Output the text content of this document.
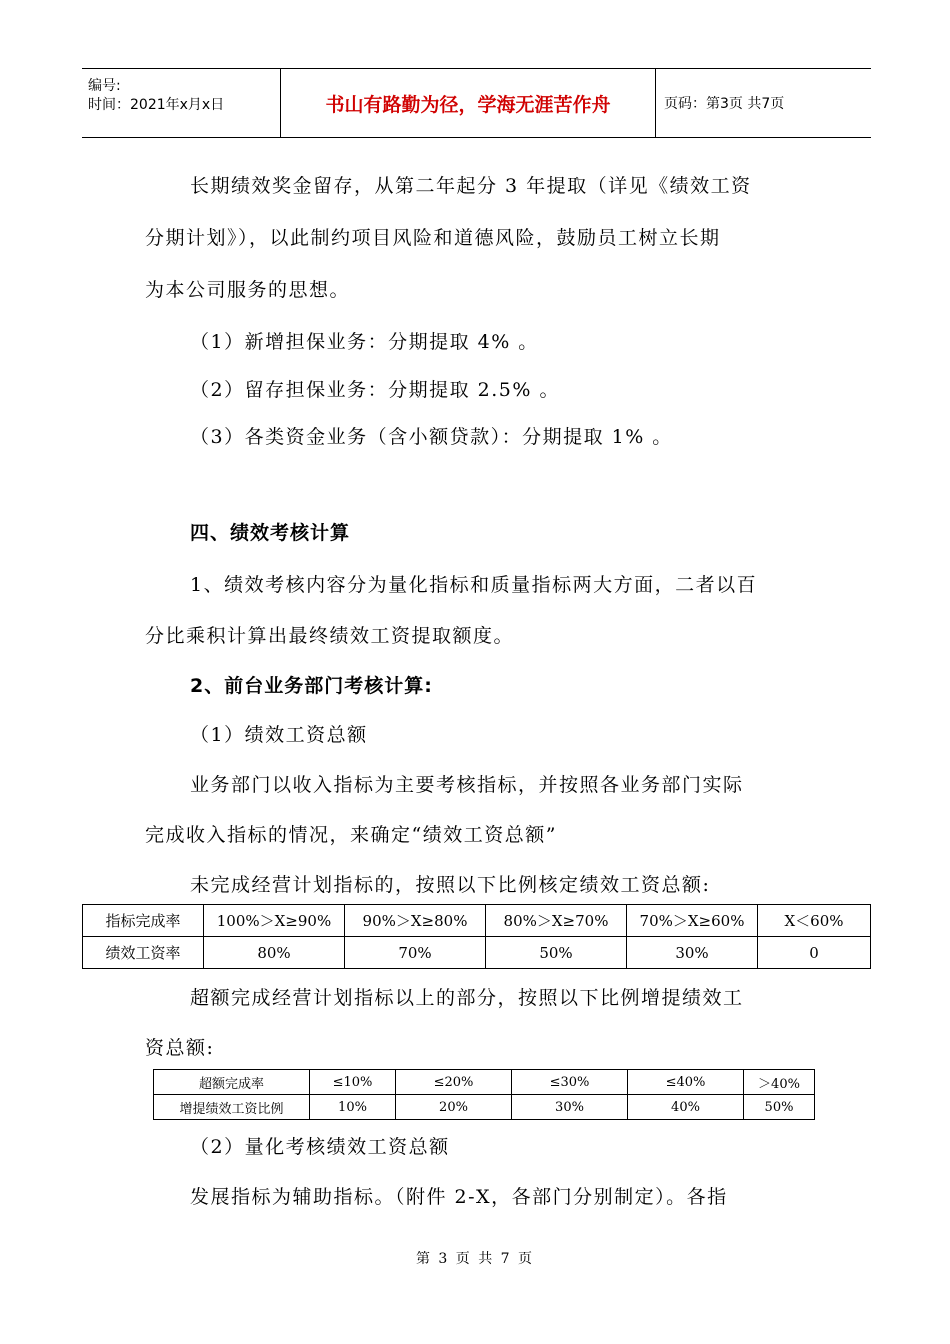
编号:
时间：2021年x月x日	书山有路勤为径，学海无涯苦作舟	页码：第3页 共7页
长期绩效奖金留存，从第二年起分 3 年提取（详见《绩效工资
分期计划》），以此制约项目风险和道德风险，鼓励员工树立长期
为本公司服务的思想。
（1）新增担保业务：分期提取 4% 。
（2）留存担保业务：分期提取 2.5% 。
（3）各类资金业务（含小额贷款）：分期提取 1% 。
四、绩效考核计算
1、绩效考核内容分为量化指标和质量指标两大方面，二者以百
分比乘积计算出最终绩效工资提取额度。
2、前台业务部门考核计算:
（1）绩效工资总额
业务部门以收入指标为主要考核指标，并按照各业务部门实际
完成收入指标的情况，来确定“绩效工资总额”
未完成经营计划指标的，按照以下比例核定绩效工资总额:
指标完成率	100%＞X≥90%	90%＞X≥80%	80%＞X≥70%	70%＞X≥60%	X＜60%
绩效工资率	80%	70%	50%	30%	0
超额完成经营计划指标以上的部分，按照以下比例增提绩效工
资总额:
超额完成率	≤10%	≤20%	≤30%	≤40%	＞40%
增提绩效工资比例	10%	20%	30%	40%	50%
（2）量化考核绩效工资总额
发展指标为辅助指标。（附件 2-X，各部门分别制定）。各指
第 3 页 共 7 页
